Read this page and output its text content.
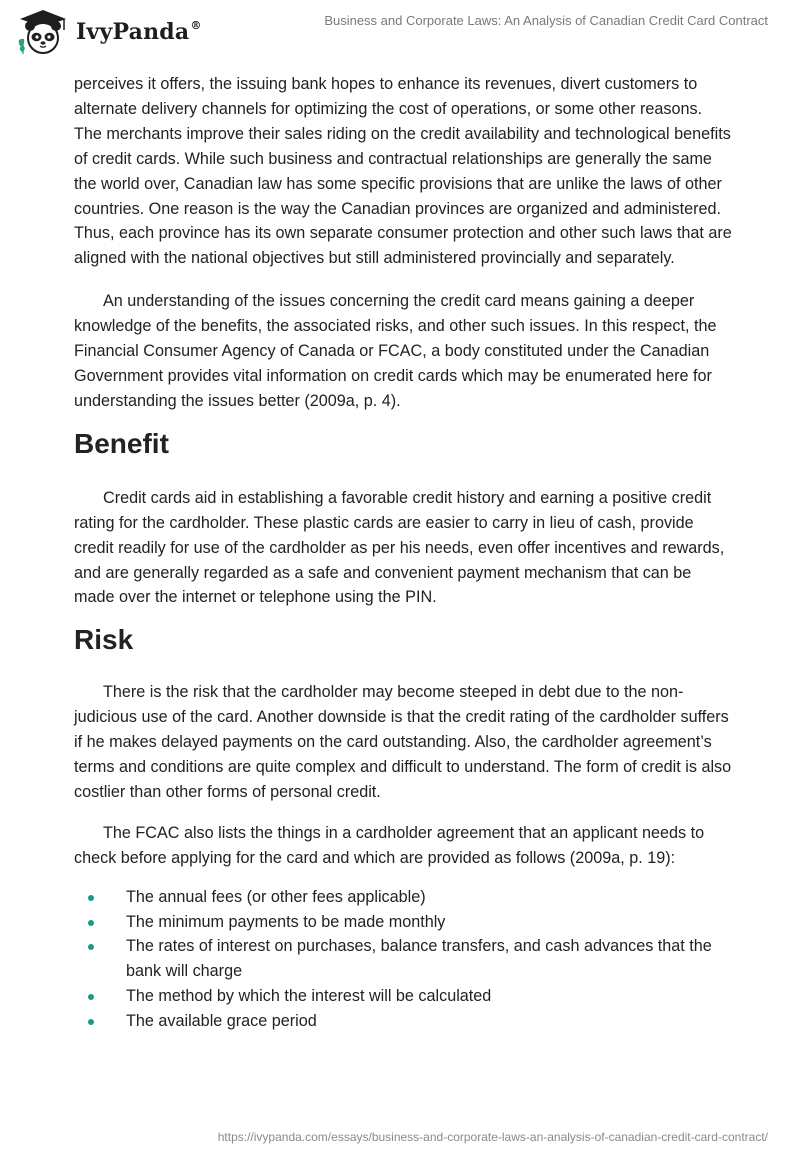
IvyPanda®	Business and Corporate Laws: An Analysis of Canadian Credit Card Contract

perceives it offers, the issuing bank hopes to enhance its revenues, divert customers to alternate delivery channels for optimizing the cost of operations, or some other reasons. The merchants improve their sales riding on the credit availability and technological benefits of credit cards. While such business and contractual relationships are generally the same the world over, Canadian law has some specific provisions that are unlike the laws of other countries. One reason is the way the Canadian provinces are organized and administered. Thus, each province has its own separate consumer protection and other such laws that are aligned with the national objectives but still administered provincially and separately.

An understanding of the issues concerning the credit card means gaining a deeper knowledge of the benefits, the associated risks, and other such issues. In this respect, the Financial Consumer Agency of Canada or FCAC, a body constituted under the Canadian Government provides vital information on credit cards which may be enumerated here for understanding the issues better (2009a, p. 4).

Benefit

Credit cards aid in establishing a favorable credit history and earning a positive credit rating for the cardholder. These plastic cards are easier to carry in lieu of cash, provide credit readily for use of the cardholder as per his needs, even offer incentives and rewards, and are generally regarded as a safe and convenient payment mechanism that can be made over the internet or telephone using the PIN.

Risk

There is the risk that the cardholder may become steeped in debt due to the non-judicious use of the card. Another downside is that the credit rating of the cardholder suffers if he makes delayed payments on the card outstanding. Also, the cardholder agreement’s terms and conditions are quite complex and difficult to understand. The form of credit is also costlier than other forms of personal credit.

The FCAC also lists the things in a cardholder agreement that an applicant needs to check before applying for the card and which are provided as follows (2009a, p. 19):

The annual fees (or other fees applicable)
The minimum payments to be made monthly
The rates of interest on purchases, balance transfers, and cash advances that the bank will charge
The method by which the interest will be calculated
The available grace period
https://ivypanda.com/essays/business-and-corporate-laws-an-analysis-of-canadian-credit-card-contract/
